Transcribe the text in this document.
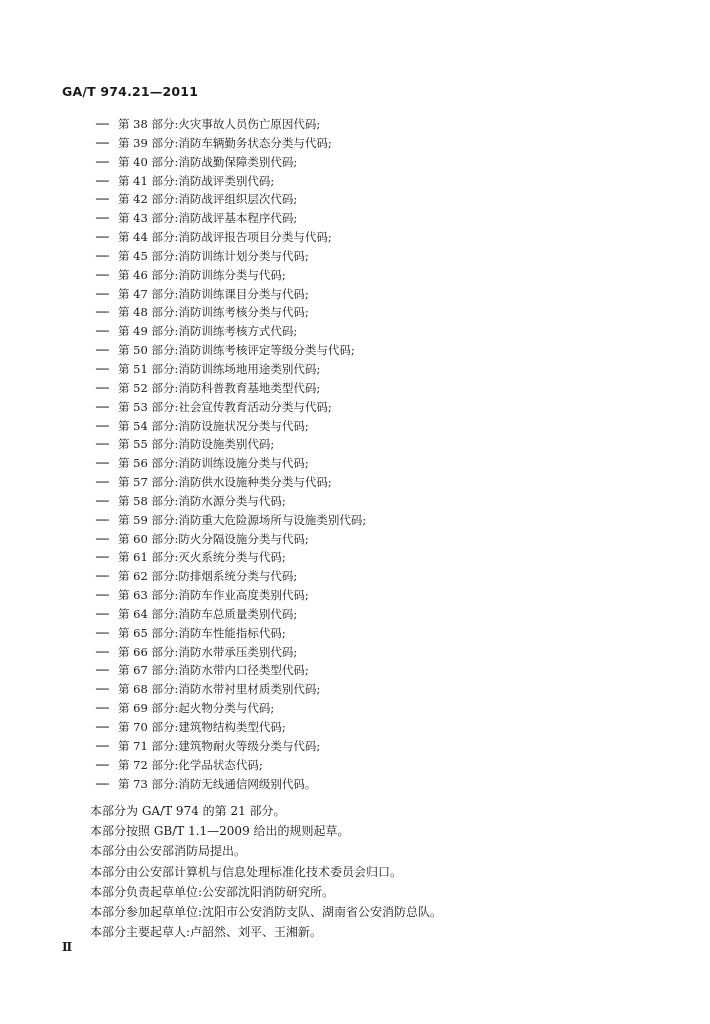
GA/T 974.21—2011
── 第 38 部分:火灾事故人员伤亡原因代码;
── 第 39 部分:消防车辆勤务状态分类与代码;
── 第 40 部分:消防战勤保障类别代码;
── 第 41 部分:消防战评类别代码;
── 第 42 部分:消防战评组织层次代码;
── 第 43 部分:消防战评基本程序代码;
── 第 44 部分:消防战评报告项目分类与代码;
── 第 45 部分:消防训练计划分类与代码;
── 第 46 部分:消防训练分类与代码;
── 第 47 部分:消防训练课目分类与代码;
── 第 48 部分:消防训练考核分类与代码;
── 第 49 部分:消防训练考核方式代码;
── 第 50 部分:消防训练考核评定等级分类与代码;
── 第 51 部分:消防训练场地用途类别代码;
── 第 52 部分:消防科普教育基地类型代码;
── 第 53 部分:社会宣传教育活动分类与代码;
── 第 54 部分:消防设施状况分类与代码;
── 第 55 部分:消防设施类别代码;
── 第 56 部分:消防训练设施分类与代码;
── 第 57 部分:消防供水设施种类分类与代码;
── 第 58 部分:消防水源分类与代码;
── 第 59 部分:消防重大危险源场所与设施类别代码;
── 第 60 部分:防火分隔设施分类与代码;
── 第 61 部分:灭火系统分类与代码;
── 第 62 部分:防排烟系统分类与代码;
── 第 63 部分:消防车作业高度类别代码;
── 第 64 部分:消防车总质量类别代码;
── 第 65 部分:消防车性能指标代码;
── 第 66 部分:消防水带承压类别代码;
── 第 67 部分:消防水带内口径类型代码;
── 第 68 部分:消防水带衬里材质类别代码;
── 第 69 部分:起火物分类与代码;
── 第 70 部分:建筑物结构类型代码;
── 第 71 部分:建筑物耐火等级分类与代码;
── 第 72 部分:化学品状态代码;
── 第 73 部分:消防无线通信网级别代码。
本部分为 GA/T 974 的第 21 部分。
本部分按照 GB/T 1.1—2009 给出的规则起草。
本部分由公安部消防局提出。
本部分由公安部计算机与信息处理标准化技术委员会归口。
本部分负责起草单位:公安部沈阳消防研究所。
本部分参加起草单位:沈阳市公安消防支队、湖南省公安消防总队。
本部分主要起草人:卢韶然、刘平、王湘新。
Ⅱ
